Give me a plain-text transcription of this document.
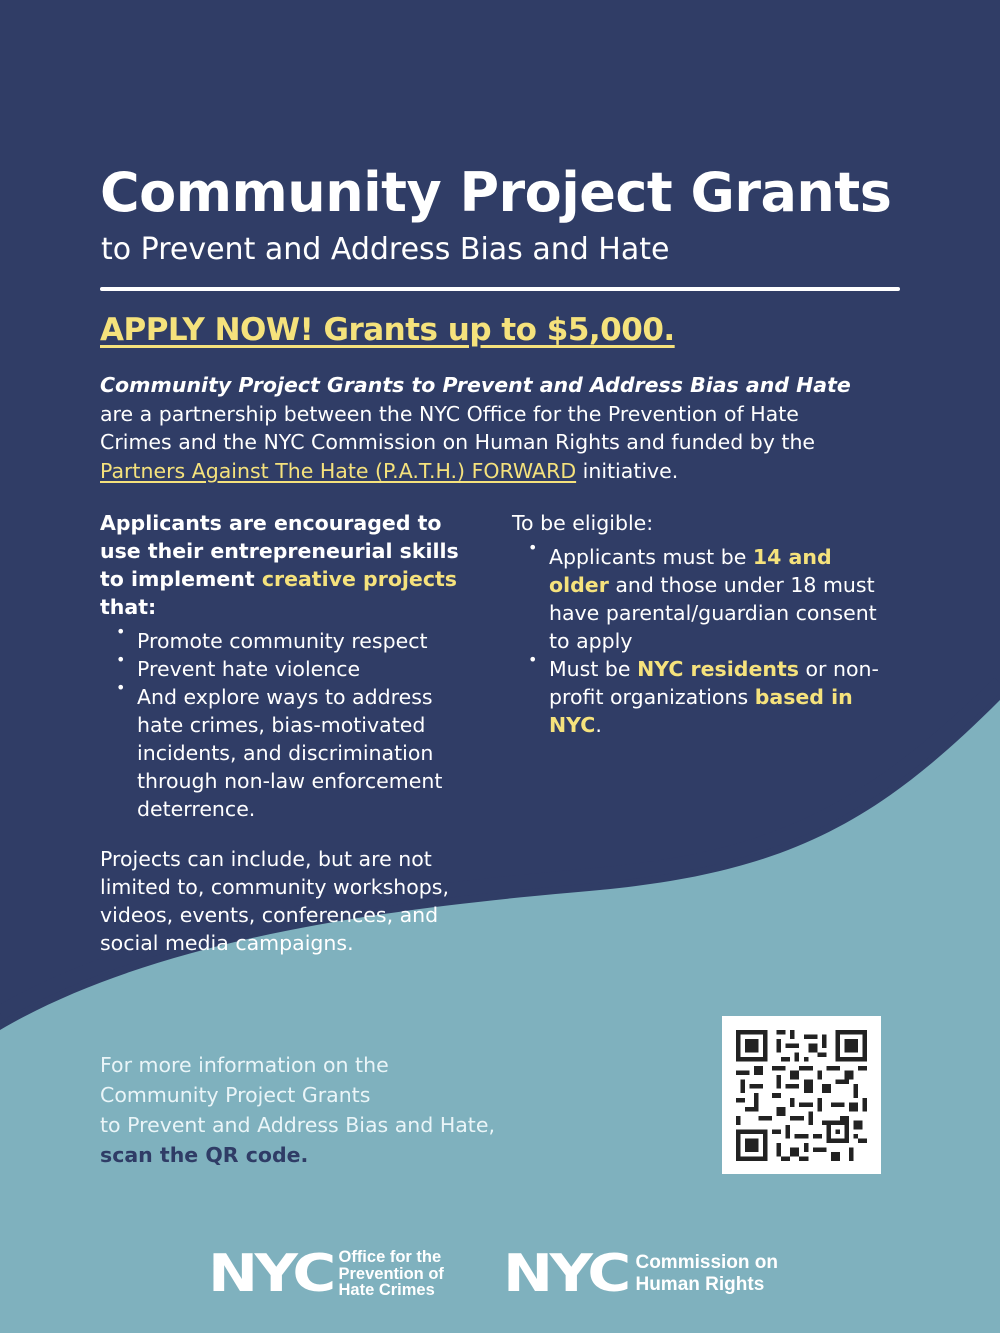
Community Project Grants
to Prevent and Address Bias and Hate
APPLY NOW! Grants up to $5,000.
Community Project Grants to Prevent and Address Bias and Hate
are a partnership between the NYC Office for the Prevention of Hate Crimes and the NYC Commission on Human Rights and funded by the Partners Against The Hate (P.A.T.H.) FORWARD initiative.
Applicants are encouraged to use their entrepreneurial skills to implement creative projects that:
• Promote community respect
• Prevent hate violence
• And explore ways to address hate crimes, bias-motivated incidents, and discrimination through non-law enforcement deterrence.
Projects can include, but are not limited to, community workshops, videos, events, conferences, and social media campaigns.
To be eligible:
• Applicants must be 14 and older and those under 18 must have parental/guardian consent to apply
• Must be NYC residents or non-profit organizations based in NYC.
For more information on the
Community Project Grants
to Prevent and Address Bias and Hate,
scan the QR code.
NYC Office for the
Prevention of
Hate Crimes NYC Commission on
Human Rights
